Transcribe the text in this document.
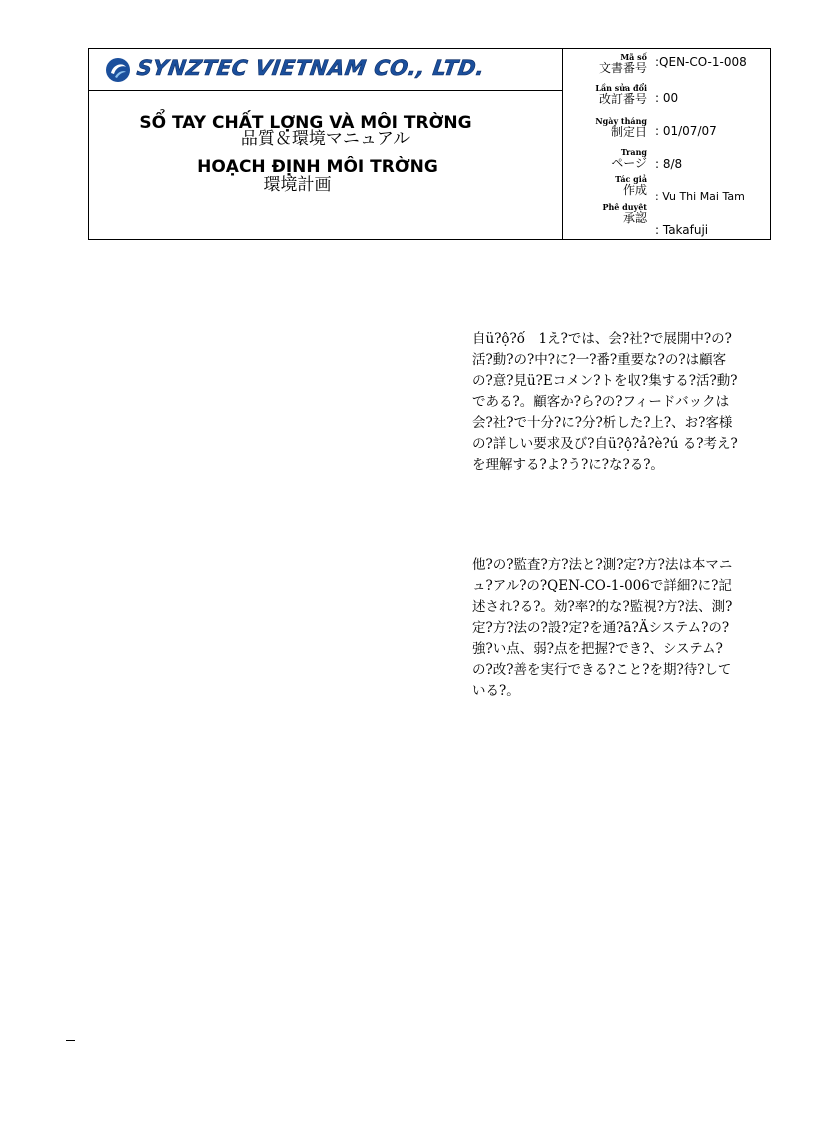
SYNZTEC VIETNAM CO., LTD.
SỔ TAY CHẤT LỢNG VÀ MÔI TRỜNG
品質＆環境マニュアル
HOẠCH ĐỊNH MÔI TRỜNG
環境計画
Mã số
文書番号 :QEN-CO-1-008
Lần sửa đổi
改訂番号 : 00
Ngày tháng
制定日 : 01/07/07
Trang
ページ : 8/8
Tác giả
作成 : Vu Thi Mai Tam
Phê duyệt
承認
: Takafuji
自ü?ộ?ố　1え?では、会?社?で展開中?の?活?動?の?中?に?一?番?重要な?の?は顧客の?意?見ü?Eコメン?トを収?集する?活?動?である?。顧客か?ら?の?フィードバックは会?社?で十分?に?分?析した?上?、お?客様の?詳しい要求及び?自ü?ộ?ả?è?ú る?考え?を理解する?よ?う?に?な?る?。
他?の?監査?方?法と?測?定?方?法は本マニュ?アル?の?QEN-CO-1-006で詳細?に?記述され?る?。効?率?的な?監視?方?法、測?定?方?法の?設?定?を通?ā?Äシステム?の?強?い点、弱?点を把握?でき?、システム?の?改?善を実行できる?こと?を期?待?している?。
